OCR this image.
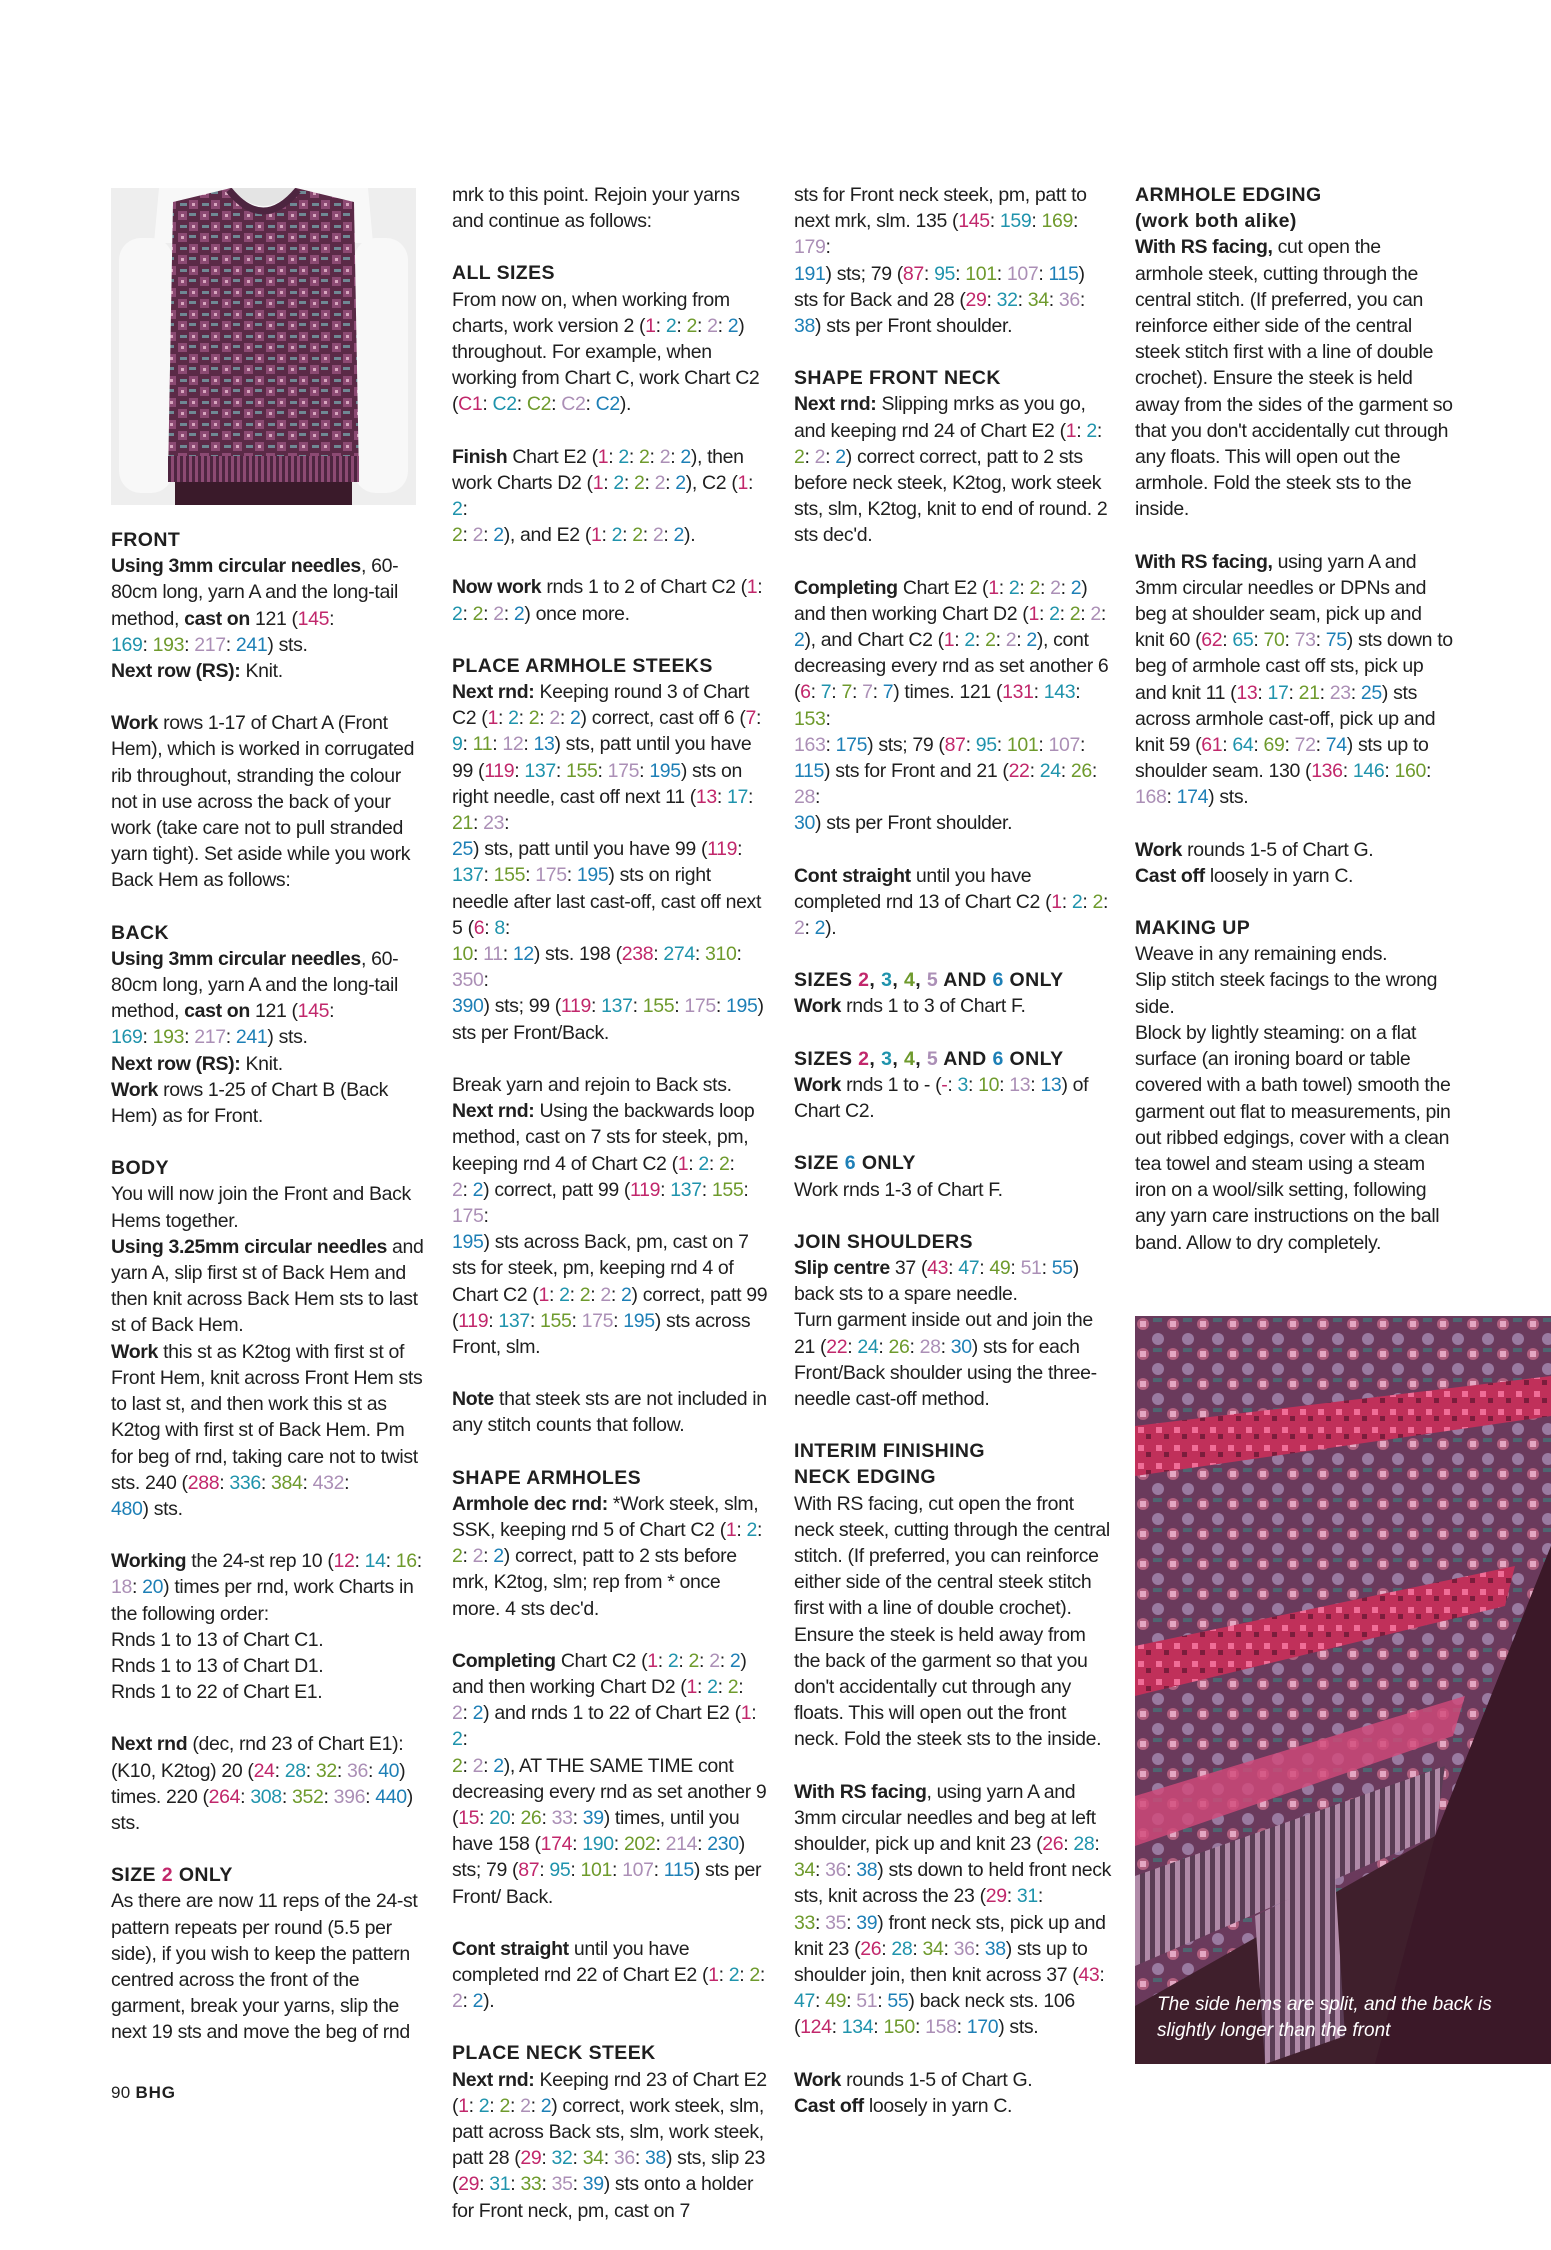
FRONT

Using 3mm circular needles, 60-80cm long, yarn A and the long-tail method, cast on 121 (145:
169: 193: 217: 241) sts.
Next row (RS): Knit.

Work rows 1-17 of Chart A (Front Hem), which is worked in corrugated rib throughout, stranding the colour not in use across the back of your work (take care not to pull stranded yarn tight). Set aside while you work Back Hem as follows:

BACK

Using 3mm circular needles, 60-80cm long, yarn A and the long-tail method, cast on 121 (145:
169: 193: 217: 241) sts.
Next row (RS): Knit.
Work rows 1-25 of Chart B (Back Hem) as for Front.

BODY

You will now join the Front and Back Hems together.
Using 3.25mm circular needles and yarn A, slip first st of Back Hem and then knit across Back Hem sts to last st of Back Hem.
Work this st as K2tog with first st of Front Hem, knit across Front Hem sts to last st, and then work this st as K2tog with first st of Back Hem. Pm for beg of rnd, taking care not to twist sts. 240 (288: 336: 384: 432:
480) sts.

Working the 24-st rep 10 (12: 14: 16:
18: 20) times per rnd, work Charts in the following order:
Rnds 1 to 13 of Chart C1.
Rnds 1 to 13 of Chart D1.
Rnds 1 to 22 of Chart E1.

Next rnd (dec, rnd 23 of Chart E1): (K10, K2tog) 20 (24: 28: 32: 36: 40) times. 220 (264: 308: 352: 396: 440) sts.

SIZE 2 ONLY

As there are now 11 reps of the 24-st pattern repeats per round (5.5 per side), if you wish to keep the pattern centred across the front of the garment, break your yarns, slip the next 19 sts and move the beg of rnd

mrk to this point. Rejoin your yarns and continue as follows:

ALL SIZES

From now on, when working from charts, work version 2 (1: 2: 2: 2: 2) throughout. For example, when working from Chart C, work Chart C2 (C1: C2: C2: C2: C2).

Finish Chart E2 (1: 2: 2: 2: 2), then work Charts D2 (1: 2: 2: 2: 2), C2 (1: 2:
2: 2: 2), and E2 (1: 2: 2: 2: 2).

Now work rnds 1 to 2 of Chart C2 (1:
2: 2: 2: 2) once more.

PLACE ARMHOLE STEEKS

Next rnd: Keeping round 3 of Chart C2 (1: 2: 2: 2: 2) correct, cast off 6 (7:
9: 11: 12: 13) sts, patt until you have 99 (119: 137: 155: 175: 195) sts on right needle, cast off next 11 (13: 17: 21: 23:
25) sts, patt until you have 99 (119:
137: 155: 175: 195) sts on right needle after last cast-off, cast off next 5 (6: 8:
10: 11: 12) sts. 198 (238: 274: 310: 350:
390) sts; 99 (119: 137: 155: 175: 195) sts per Front/Back.

Break yarn and rejoin to Back sts.
Next rnd: Using the backwards loop method, cast on 7 sts for steek, pm, keeping rnd 4 of Chart C2 (1: 2: 2:
2: 2) correct, patt 99 (119: 137: 155: 175:
195) sts across Back, pm, cast on 7 sts for steek, pm, keeping rnd 4 of Chart C2 (1: 2: 2: 2: 2) correct, patt 99 (119: 137: 155: 175: 195) sts across Front, slm.

Note that steek sts are not included in any stitch counts that follow.

SHAPE ARMHOLES

Armhole dec rnd: *Work steek, slm, SSK, keeping rnd 5 of Chart C2 (1: 2:
2: 2: 2) correct, patt to 2 sts before mrk, K2tog, slm; rep from * once more. 4 sts dec'd.

Completing Chart C2 (1: 2: 2: 2: 2) and then working Chart D2 (1: 2: 2:
2: 2) and rnds 1 to 22 of Chart E2 (1: 2:
2: 2: 2), AT THE SAME TIME cont decreasing every rnd as set another 9 (15: 20: 26: 33: 39) times, until you have 158 (174: 190: 202: 214: 230) sts; 79 (87: 95: 101: 107: 115) sts per Front/ Back.

Cont straight until you have completed rnd 22 of Chart E2 (1: 2: 2:
2: 2).

PLACE NECK STEEK

Next rnd: Keeping rnd 23 of Chart E2 (1: 2: 2: 2: 2) correct, work steek, slm, patt across Back sts, slm, work steek, patt 28 (29: 32: 34: 36: 38) sts, slip 23 (29: 31: 33: 35: 39) sts onto a holder for Front neck, pm, cast on 7

sts for Front neck steek, pm, patt to next mrk, slm. 135 (145: 159: 169: 179:
191) sts; 79 (87: 95: 101: 107: 115) sts for Back and 28 (29: 32: 34: 36: 38) sts per Front shoulder.

SHAPE FRONT NECK

Next rnd: Slipping mrks as you go, and keeping rnd 24 of Chart E2 (1: 2:
2: 2: 2) correct correct, patt to 2 sts before neck steek, K2tog, work steek sts, slm, K2tog, knit to end of round. 2 sts dec'd.

Completing Chart E2 (1: 2: 2: 2: 2) and then working Chart D2 (1: 2: 2: 2:
2), and Chart C2 (1: 2: 2: 2: 2), cont decreasing every rnd as set another 6 (6: 7: 7: 7: 7) times. 121 (131: 143: 153:
163: 175) sts; 79 (87: 95: 101: 107: 115) sts for Front and 21 (22: 24: 26: 28:
30) sts per Front shoulder.

Cont straight until you have completed rnd 13 of Chart C2 (1: 2: 2:
2: 2).

SIZES 2, 3, 4, 5 AND 6 ONLY

Work rnds 1 to 3 of Chart F.

SIZES 2, 3, 4, 5 AND 6 ONLY

Work rnds 1 to - (-: 3: 10: 13: 13) of Chart C2.

SIZE 6 ONLY

Work rnds 1-3 of Chart F.

JOIN SHOULDERS

Slip centre 37 (43: 47: 49: 51: 55) back sts to a spare needle.
Turn garment inside out and join the 21 (22: 24: 26: 28: 30) sts for each Front/Back shoulder using the three-needle cast-off method.

INTERIM FINISHING
NECK EDGING

With RS facing, cut open the front neck steek, cutting through the central stitch. (If preferred, you can reinforce either side of the central steek stitch first with a line of double crochet). Ensure the steek is held away from the back of the garment so that you don't accidentally cut through any floats. This will open out the front neck. Fold the steek sts to the inside.

With RS facing, using yarn A and 3mm circular needles and beg at left shoulder, pick up and knit 23 (26: 28:
34: 36: 38) sts down to held front neck sts, knit across the 23 (29: 31:
33: 35: 39) front neck sts, pick up and knit 23 (26: 28: 34: 36: 38) sts up to shoulder join, then knit across 37 (43: 47: 49: 51: 55) back neck sts. 106 (124: 134: 150: 158: 170) sts.

Work rounds 1-5 of Chart G.
Cast off loosely in yarn C.

ARMHOLE EDGING
(work both alike)

With RS facing, cut open the armhole steek, cutting through the central stitch. (If preferred, you can reinforce either side of the central steek stitch first with a line of double crochet). Ensure the steek is held away from the sides of the garment so that you don't accidentally cut through any floats. This will open out the armhole. Fold the steek sts to the inside.

With RS facing, using yarn A and 3mm circular needles or DPNs and beg at shoulder seam, pick up and knit 60 (62: 65: 70: 73: 75) sts down to beg of armhole cast off sts, pick up and knit 11 (13: 17: 21: 23: 25) sts across armhole cast-off, pick up and knit 59 (61: 64: 69: 72: 74) sts up to shoulder seam. 130 (136: 146: 160:
168: 174) sts.

Work rounds 1-5 of Chart G.
Cast off loosely in yarn C.

MAKING UP

Weave in any remaining ends.
Slip stitch steek facings to the wrong side.
Block by lightly steaming: on a flat surface (an ironing board or table covered with a bath towel) smooth the garment out flat to measurements, pin out ribbed edgings, cover with a clean tea towel and steam using a steam iron on a wool/silk setting, following any yarn care instructions on the ball band. Allow to dry completely.

The side hems are split, and the back is slightly longer than the front
90 BHG
